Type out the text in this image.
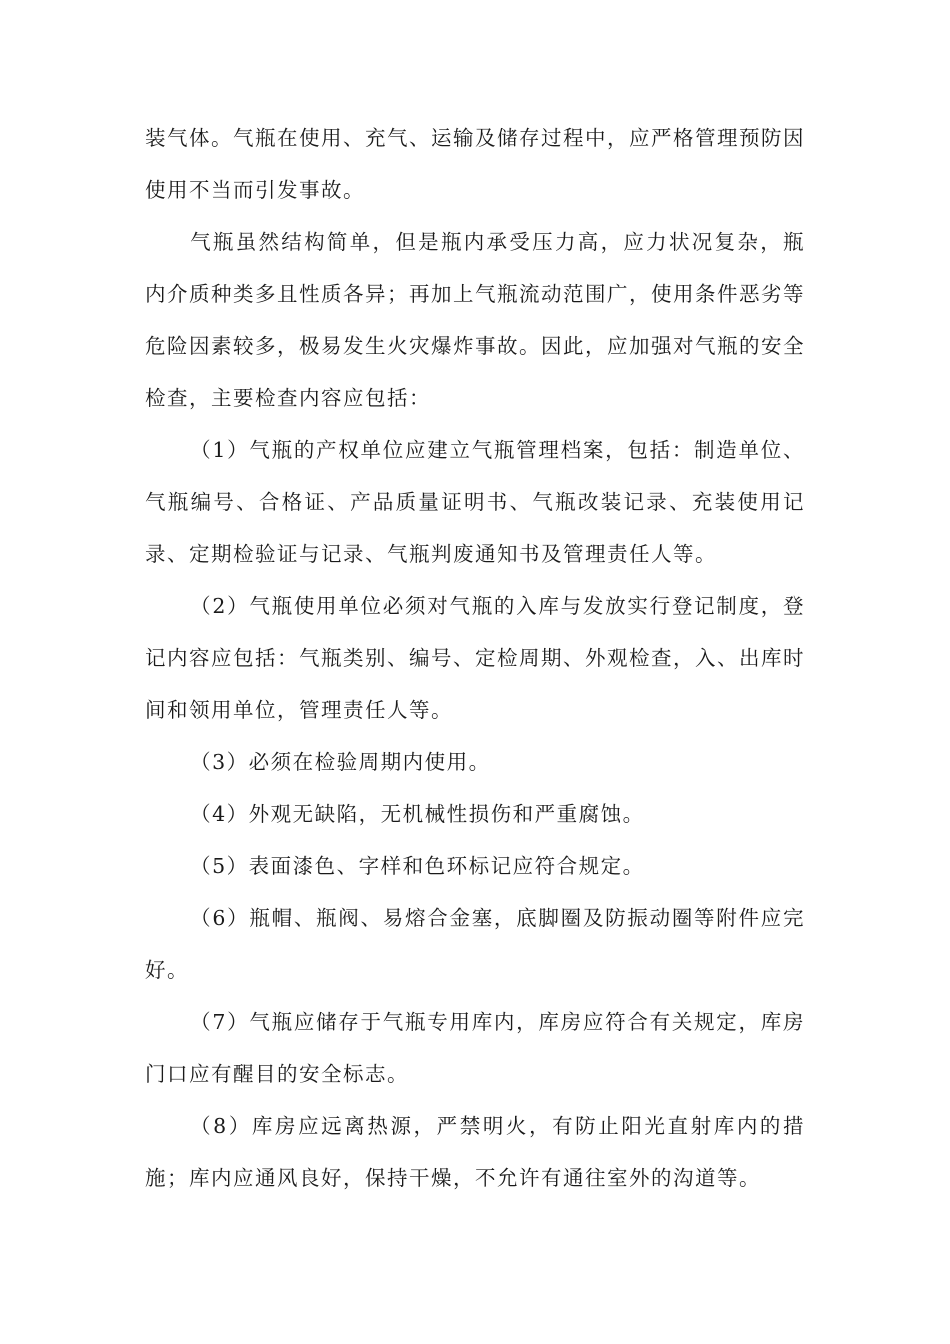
装气体。气瓶在使用、充气、运输及储存过程中，应严格管理预防因使用不当而引发事故。

气瓶虽然结构简单，但是瓶内承受压力高，应力状况复杂，瓶内介质种类多且性质各异；再加上气瓶流动范围广，使用条件恶劣等危险因素较多，极易发生火灾爆炸事故。因此，应加强对气瓶的安全检查，主要检查内容应包括：

（1）气瓶的产权单位应建立气瓶管理档案，包括：制造单位、气瓶编号、合格证、产品质量证明书、气瓶改装记录、充装使用记录、定期检验证与记录、气瓶判废通知书及管理责任人等。

（2）气瓶使用单位必须对气瓶的入库与发放实行登记制度，登记内容应包括：气瓶类别、编号、定检周期、外观检查，入、出库时间和领用单位，管理责任人等。

（3）必须在检验周期内使用。

（4）外观无缺陷，无机械性损伤和严重腐蚀。

（5）表面漆色、字样和色环标记应符合规定。

（6）瓶帽、瓶阀、易熔合金塞，底脚圈及防振动圈等附件应完好。

（7）气瓶应储存于气瓶专用库内，库房应符合有关规定，库房门口应有醒目的安全标志。

（8）库房应远离热源，严禁明火，有防止阳光直射库内的措施；库内应通风良好，保持干燥，不允许有通往室外的沟道等。
